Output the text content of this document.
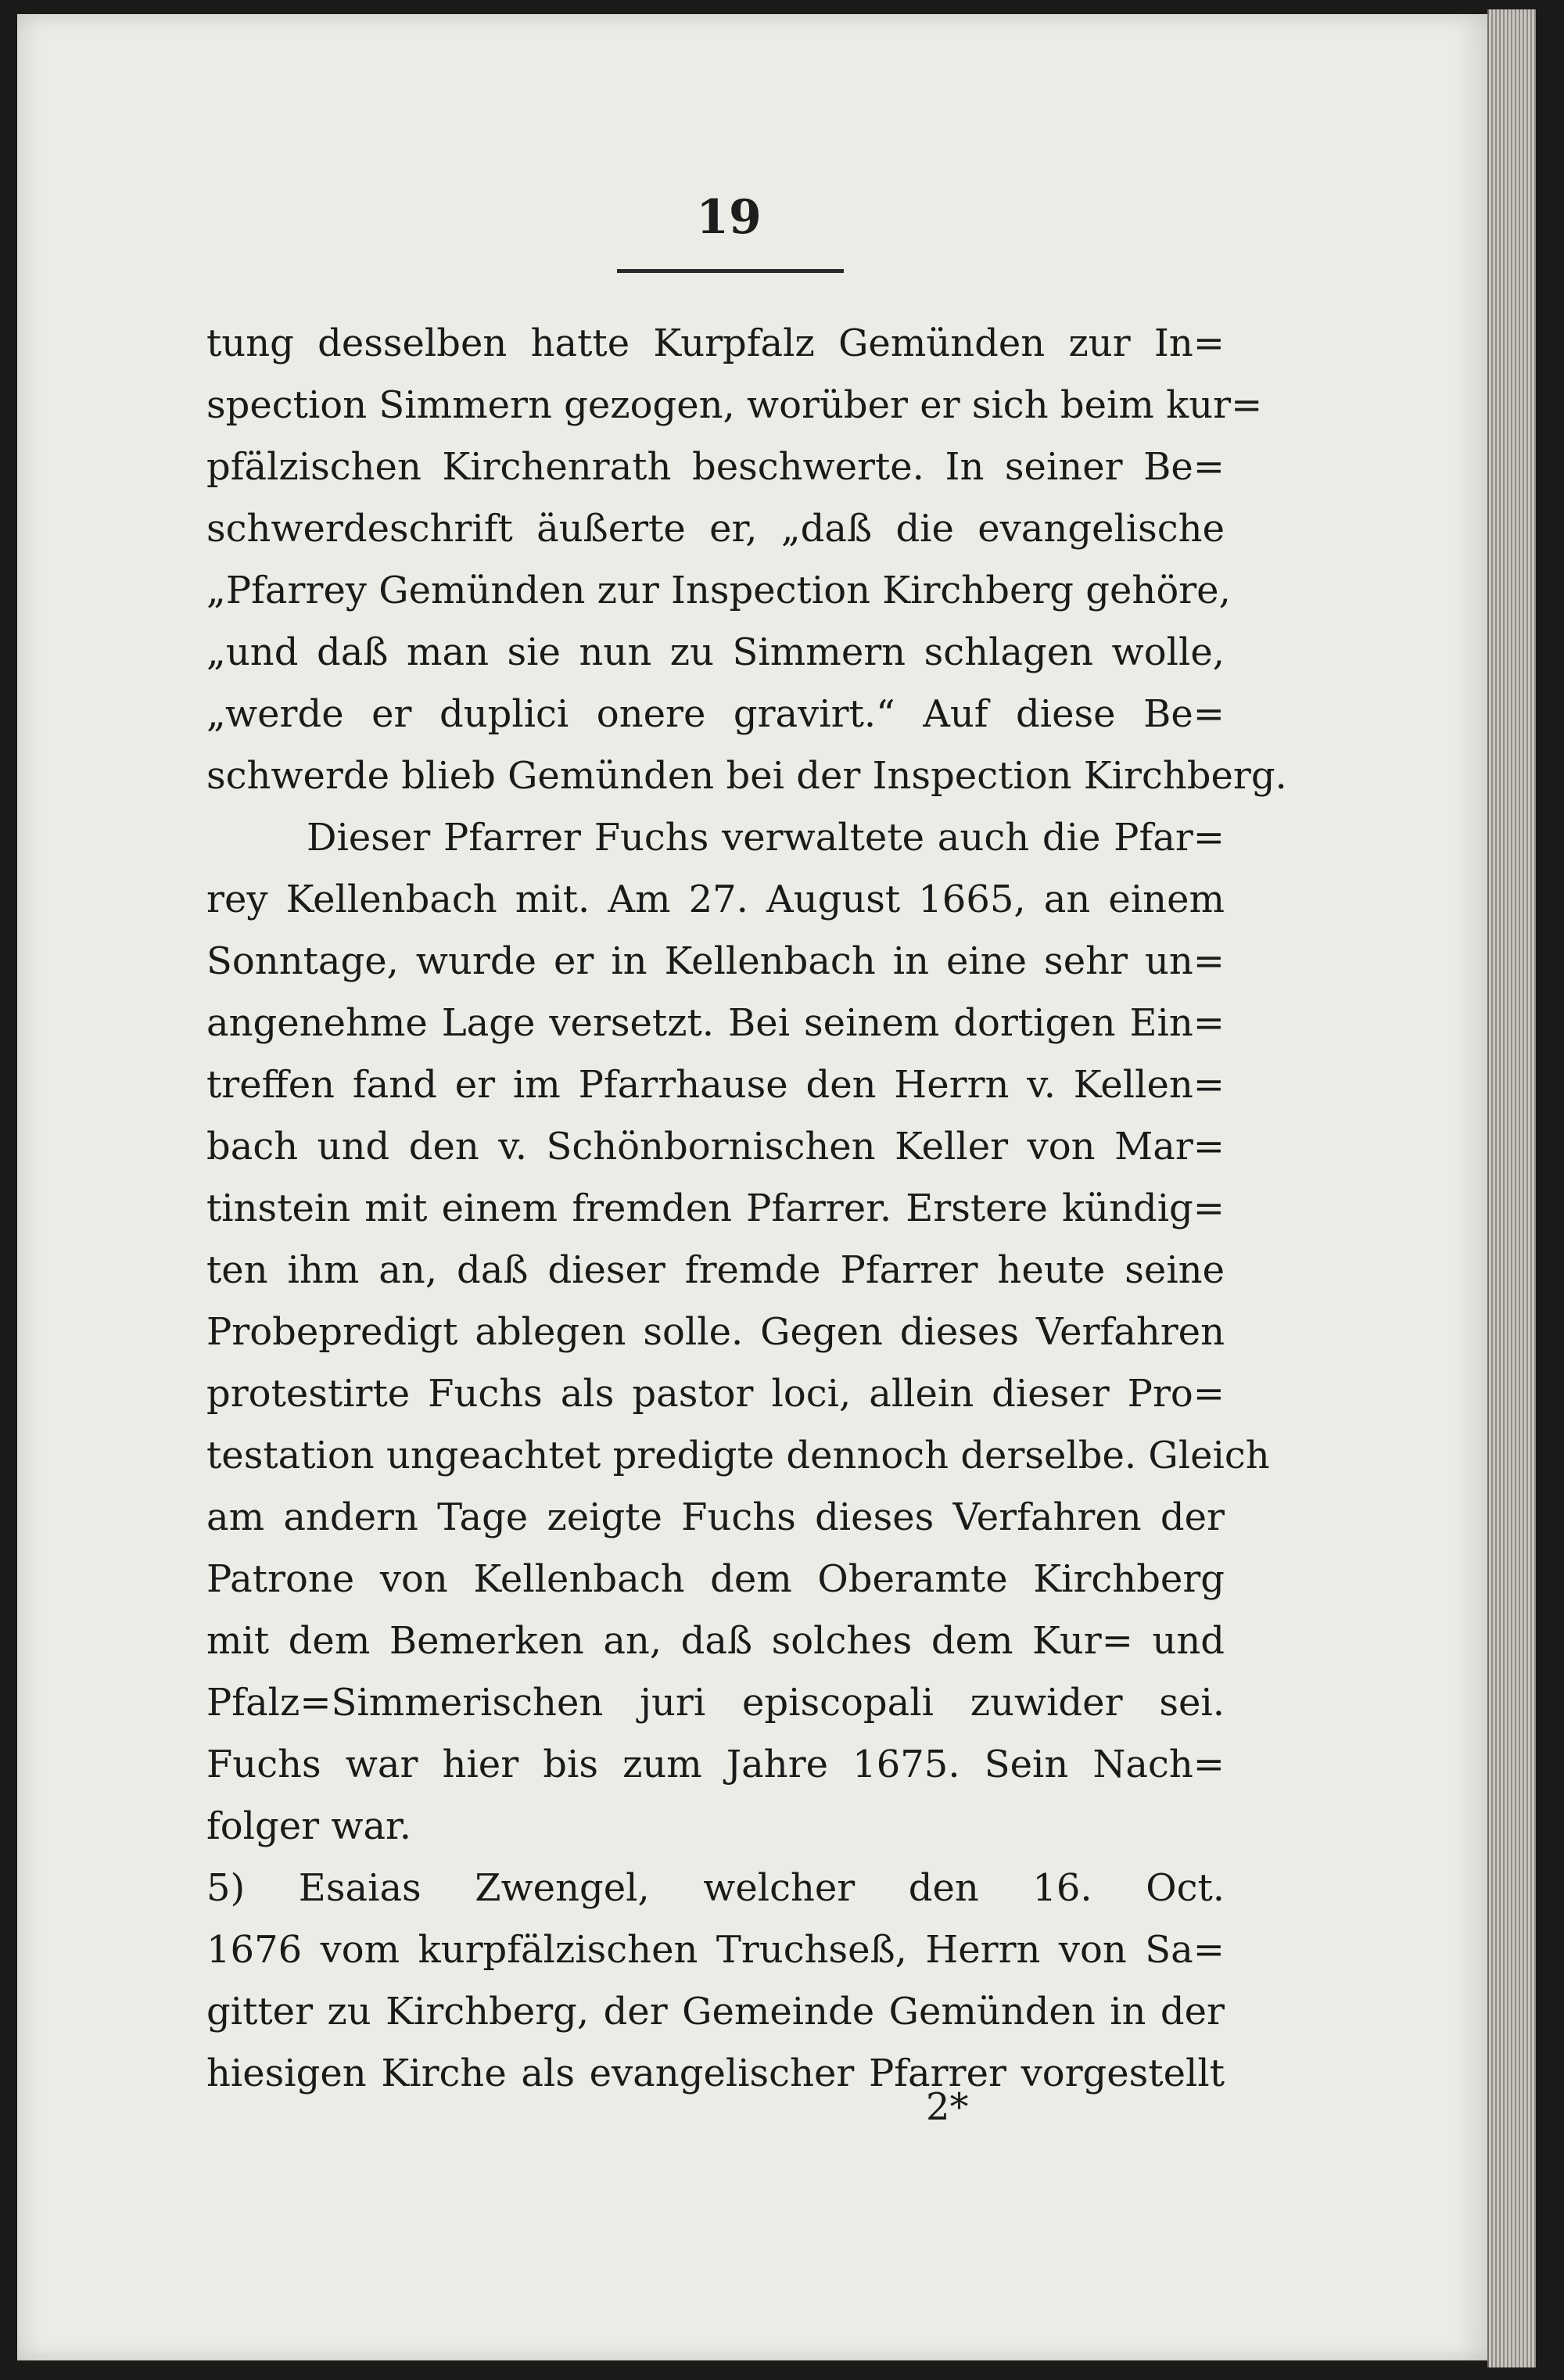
19
tung desselben hatte Kurpfalz Gemünden zur In=
spection Simmern gezogen, worüber er sich beim kur=
pfälzischen Kirchenrath beschwerte. In seiner Be=
schwerdeschrift äußerte er, „daß die evangelische
„Pfarrey Gemünden zur Inspection Kirchberg gehöre,
„und daß man sie nun zu Simmern schlagen wolle,
„werde er duplici onere gravirt.“ Auf diese Be=
schwerde blieb Gemünden bei der Inspection Kirchberg.
Dieser Pfarrer Fuchs verwaltete auch die Pfar=
rey Kellenbach mit. Am 27. August 1665, an einem
Sonntage, wurde er in Kellenbach in eine sehr un=
angenehme Lage versetzt. Bei seinem dortigen Ein=
treffen fand er im Pfarrhause den Herrn v. Kellen=
bach und den v. Schönbornischen Keller von Mar=
tinstein mit einem fremden Pfarrer. Erstere kündig=
ten ihm an, daß dieser fremde Pfarrer heute seine
Probepredigt ablegen solle. Gegen dieses Verfahren
protestirte Fuchs als pastor loci, allein dieser Pro=
testation ungeachtet predigte dennoch derselbe. Gleich
am andern Tage zeigte Fuchs dieses Verfahren der
Patrone von Kellenbach dem Oberamte Kirchberg
mit dem Bemerken an, daß solches dem Kur= und
Pfalz=Simmerischen juri episcopali zuwider sei.
Fuchs war hier bis zum Jahre 1675. Sein Nach=
folger war.
5) Esaias Zwengel, welcher den 16. Oct.
1676 vom kurpfälzischen Truchseß, Herrn von Sa=
gitter zu Kirchberg, der Gemeinde Gemünden in der
hiesigen Kirche als evangelischer Pfarrer vorgestellt
2*
